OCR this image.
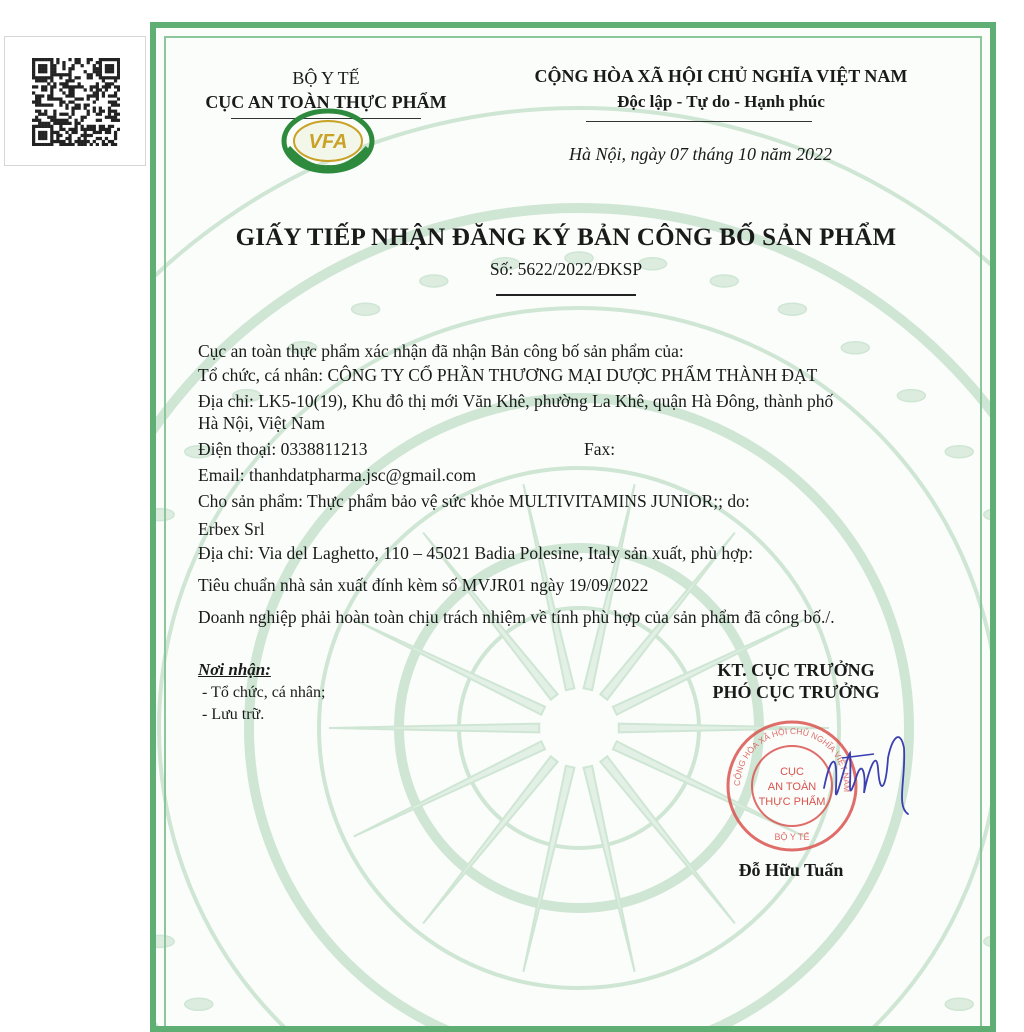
BỘ Y TẾ
CỤC AN TOÀN THỰC PHẨM
VFA
CỘNG HÒA XÃ HỘI CHỦ NGHĨA VIỆT NAM
Độc lập - Tự do - Hạnh phúc
Hà Nội, ngày 07 tháng 10 năm 2022
GIẤY TIẾP NHẬN ĐĂNG KÝ BẢN CÔNG BỐ SẢN PHẨM
Số: 5622/2022/ĐKSP
Cục an toàn thực phẩm xác nhận đã nhận Bản công bố sản phẩm của:
Tổ chức, cá nhân: CÔNG TY CỔ PHẦN THƯƠNG MẠI DƯỢC PHẨM THÀNH ĐẠT
Địa chỉ: LK5-10(19), Khu đô thị mới Văn Khê, phường La Khê, quận Hà Đông, thành phố
Hà Nội, Việt Nam
Điện thoại: 0338811213	Fax:
Email: thanhdatpharma.jsc@gmail.com
Cho sản phẩm: Thực phẩm bảo vệ sức khỏe MULTIVITAMINS JUNIOR;; do:
Erbex Srl
Địa chỉ: Via del Laghetto, 110 – 45021 Badia Polesine, Italy sản xuất, phù hợp:
Tiêu chuẩn nhà sản xuất đính kèm số MVJR01 ngày 19/09/2022
Doanh nghiệp phải hoàn toàn chịu trách nhiệm về tính phù hợp của sản phẩm đã công bố./.
Nơi nhận:
- Tổ chức, cá nhân;
- Lưu trữ.
KT. CỤC TRƯỞNG
PHÓ CỤC TRƯỞNG
CỘNG HÒA XÃ HỘI CHỦ NGHĨA VIỆT NAM
BỘ Y TẾ
CỤC
AN TOÀN
THỰC PHẨM
Đỗ Hữu Tuấn
